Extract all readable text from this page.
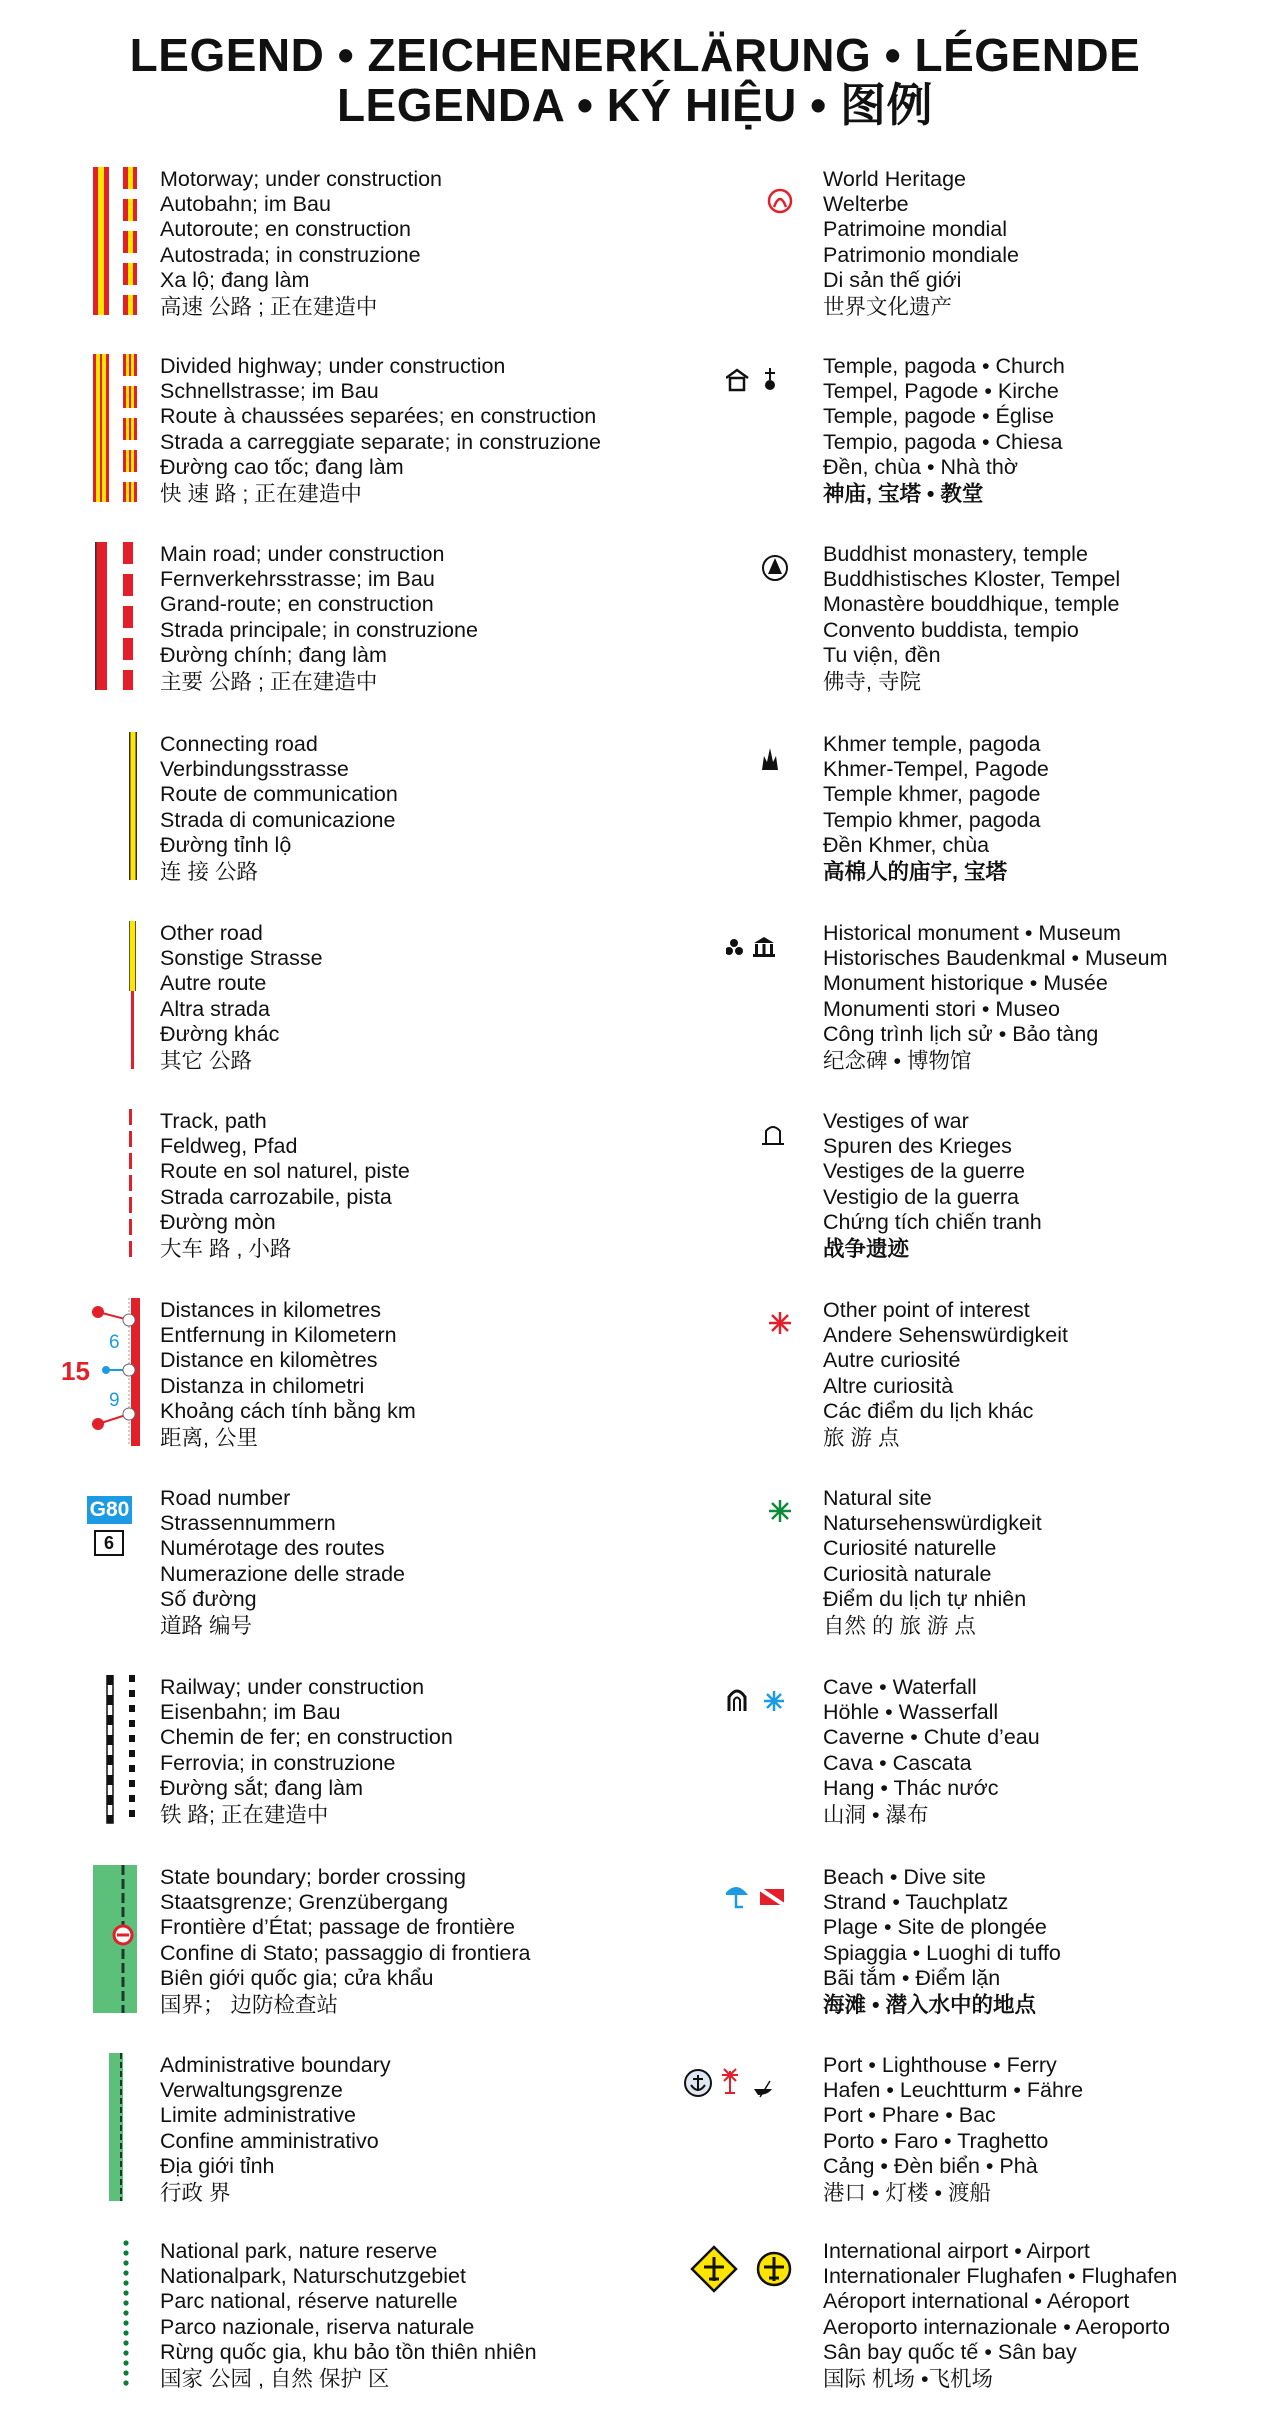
LEGEND • ZEICHENERKLÄRUNG • LÉGENDE
LEGENDA • KÝ HIỆU • 图例
Motorway; under construction
Autobahn; im Bau
Autoroute; en construction
Autostrada; in construzione
Xa lộ; đang làm
高速 公路 ; 正在建造中
Divided highway; under construction
Schnellstrasse; im Bau
Route à chaussées separées; en construction
Strada a carreggiate separate; in construzione
Đường cao tốc; đang làm
快 速 路 ; 正在建造中
Main road; under construction
Fernverkehrsstrasse; im Bau
Grand-route; en construction
Strada principale; in construzione
Đường chính; đang làm
主要 公路 ; 正在建造中
Connecting road
Verbindungsstrasse
Route de communication
Strada di comunicazione
Đường tỉnh lộ
连 接 公路
Other road
Sonstige Strasse
Autre route
Altra strada
Đường khác
其它 公路
Track, path
Feldweg, Pfad
Route en sol naturel, piste
Strada carrozabile, pista
Đường mòn
大车 路 , 小路
6
15
9
Distances in kilometres
Entfernung in Kilometern
Distance en kilomètres
Distanza in chilometri
Khoảng cách tính bằng km
距离, 公里
G80
6
Road number
Strassennummern
Numérotage des routes
Numerazione delle strade
Số đường
道路 编号
Railway; under construction
Eisenbahn; im Bau
Chemin de fer; en construction
Ferrovia; in construzione
Đường sắt; đang làm
铁 路; 正在建造中
State boundary; border crossing
Staatsgrenze; Grenzübergang
Frontière d’État; passage de frontière
Confine di Stato; passaggio di frontiera
Biên giới quốc gia; cửa khẩu
国界； 边防检查站
Administrative boundary
Verwaltungsgrenze
Limite administrative
Confine amministrativo
Địa giới tỉnh
行政 界
National park, nature reserve
Nationalpark, Naturschutzgebiet
Parc national, réserve naturelle
Parco nazionale, riserva naturale
Rừng quốc gia, khu bảo tồn thiên nhiên
国家 公园 , 自然 保护 区
World Heritage
Welterbe
Patrimoine mondial
Patrimonio mondiale
Di sản thế giới
世界文化遗产
Temple, pagoda • Church
Tempel, Pagode • Kirche
Temple, pagode • Église
Tempio, pagoda • Chiesa
Đền, chùa • Nhà thờ
神庙, 宝塔 • 教堂
Buddhist monastery, temple
Buddhistisches Kloster, Tempel
Monastère bouddhique, temple
Convento buddista, tempio
Tu viện, đền
佛寺, 寺院
Khmer temple, pagoda
Khmer-Tempel, Pagode
Temple khmer, pagode
Tempio khmer, pagoda
Đền Khmer, chùa
高棉人的庙宇, 宝塔
Historical monument • Museum
Historisches Baudenkmal • Museum
Monument historique • Musée
Monumenti stori • Museo
Công trình lịch sử • Bảo tàng
纪念碑 • 博物馆
Vestiges of war
Spuren des Krieges
Vestiges de la guerre
Vestigio de la guerra
Chứng tích chiến tranh
战争遗迹
Other point of interest
Andere Sehenswürdigkeit
Autre curiosité
Altre curiosità
Các điểm du lịch khác
旅 游 点
Natural site
Natursehenswürdigkeit
Curiosité naturelle
Curiosità naturale
Điểm du lịch tự nhiên
自然 的 旅 游 点
Cave • Waterfall
Höhle • Wasserfall
Caverne • Chute d’eau
Cava • Cascata
Hang • Thác nước
山洞 • 瀑布
Beach • Dive site
Strand • Tauchplatz
Plage • Site de plongée
Spiaggia • Luoghi di tuffo
Bãi tắm • Điểm lặn
海滩 • 潜入水中的地点
Port • Lighthouse • Ferry
Hafen • Leuchtturm • Fähre
Port • Phare • Bac
Porto • Faro • Traghetto
Cảng • Đèn biển • Phà
港口 • 灯楼 • 渡船
International airport • Airport
Internationaler Flughafen • Flughafen
Aéroport international • Aéroport
Aeroporto internazionale • Aeroporto
Sân bay quốc tế • Sân bay
国际 机场 •飞机场
